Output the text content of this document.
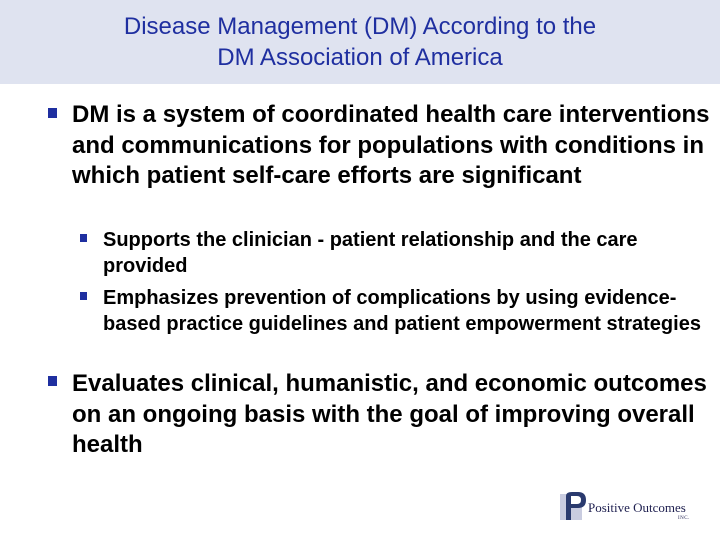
Disease Management (DM) According to the
DM Association of America
DM is a system of coordinated health care interventions and communications for populations with conditions in which patient self-care efforts are significant
Supports the clinician - patient relationship and the care provided
Emphasizes prevention of complications by using evidence-based practice guidelines and patient empowerment strategies
Evaluates clinical, humanistic, and economic outcomes on an ongoing basis with the goal of improving overall health
Positive Outcomes
INC.
